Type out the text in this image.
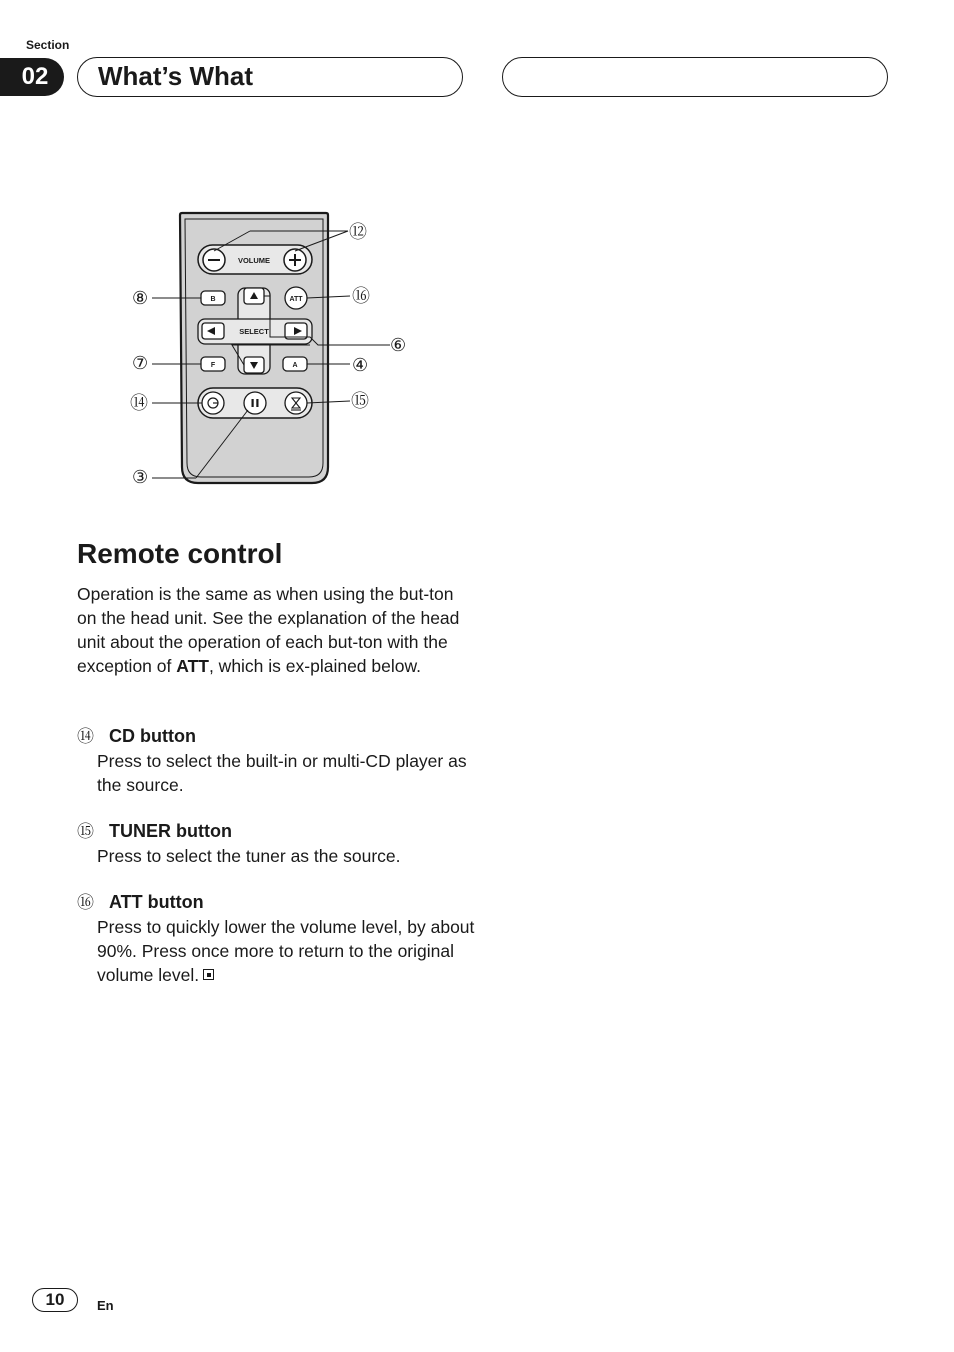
Section
02	What’s What
VOLUME
SELECT
B	ATT
F	A
⑫
⑧	⑯
⑥
⑦	④
⑭	⑮
③
Remote control

Operation is the same as when using the but-ton on the head unit. See the explanation of the head unit about the operation of each but-ton with the exception of ATT, which is ex-plained below.

⑭ CD button

Press to select the built-in or multi-CD player as the source.

⑮ TUNER button

Press to select the tuner as the source.

⑯ ATT button

Press to quickly lower the volume level, by about 90%. Press once more to return to the original volume level.

10	En
